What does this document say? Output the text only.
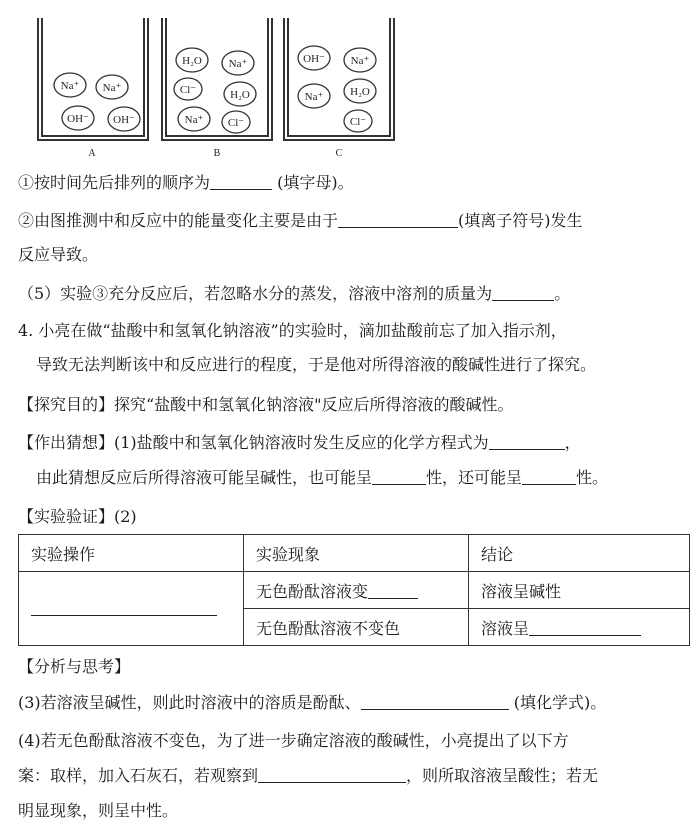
Na⁺ Na⁺
OH⁻ OH⁻
A
H₂O Na⁺
Cl⁻	H₂O
Na⁺ Cl⁻
B
OH⁻ Na⁺
Na⁺ H₂O
Cl⁻
C
①按时间先后排列的顺序为	(填字母)。
②由图推测中和反应中的能量变化主要是由于	(填离子符号)发生
反应导致。
（5）实验③充分反应后，若忽略水分的蒸发，溶液中溶剂的质量为	。
4. 小亮在做“盐酸中和氢氧化钠溶液”的实验时，滴加盐酸前忘了加入指示剂，
导致无法判断该中和反应进行的程度，于是他对所得溶液的酸碱性进行了探究。
【探究目的】探究“盐酸中和氢氧化钠溶液"反应后所得溶液的酸碱性。
【作出猜想】(1)盐酸中和氢氧化钠溶液时发生反应的化学方程式为	，
由此猜想反应后所得溶液可能呈碱性，也可能呈	性，还可能呈	性。
【实验验证】(2)
实验操作	实验现象	结论
	无色酚酞溶液变	溶液呈碱性
	无色酚酞溶液不变色	溶液呈
【分析与思考】
(3)若溶液呈碱性，则此时溶液中的溶质是酚酞、	(填化学式)。
(4)若无色酚酞溶液不变色，为了进一步确定溶液的酸碱性，小亮提出了以下方
案：取样，加入石灰石，若观察到	，则所取溶液呈酸性；若无
明显现象，则呈中性。
